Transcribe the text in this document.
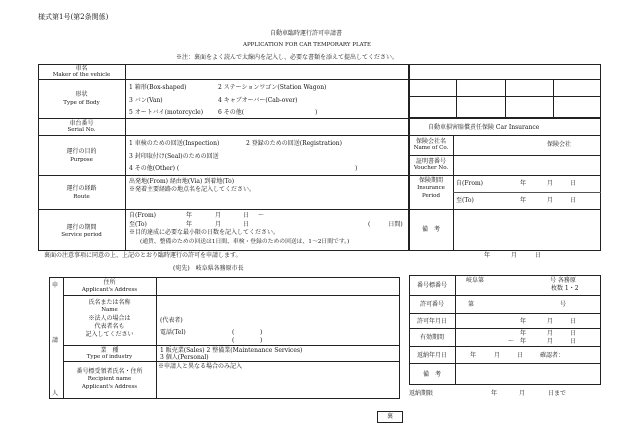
様式第1号(第2条関係)
自動車臨時運行許可申請書
APPLICATION FOR CAR TEMPORARY PLATE
※注：裏面をよく読んで太線内を記入し、必要な書類を添えて提出してください。
車名
Maker of the vehicle
形状
Type of Body
1 箱形(Box-shaped)	2 ステーションワゴン(Station Wagon)
3 バン(Van)	4 キャブオーバー(Cab-over)
5 オートバイ(motorcycle) 6 その他(	)
車台番号
Serial No.
運行の目的
Purpose
1 車検のための回送(Inspection)	2 登録のための回送(Registration)
3 封印取付け(Seal)のための回送
4 その他(Other) (	)
運行の経路
Route
出発地(From) 経由地(Via) 到着地(To)
※発着主要経路の地点名を記入してください。
運行の期間
Service period
自(From)	年	月	日 ～
至(To)	年	月	日	(　　　日間)
※目的達成に必要な最小限の日数を記入してください。
(通貨、整備のための回送は1日間、車検・登録のための回送は、1～2日間です。)
自動車損害賠償責任保険 Car Insurance
保険会社名
Name of Co.	保険会社
証明書番号
Voucher No.
保険期間
Insurance
Period
自(From)	年	月	日
至(To)	年	月	日
備　考
裏面の注意事項に同意の上、上記のとおり臨時運行の許可を申請します。	年	月	日
(宛先)　岐阜県各務原市長
申
請
人
住所
Applicant's Address
氏名または名称
Name
※法人の場合は
代表者名も
記入してください
(代表者)
電話(Tel)	(	)
(	)
業　種
Type of industry
1 販売業(Sales) 2 整備業(Maintenance Services)
3 個人(Personal)
番号標受領者氏名・住所
Recipient name
Applicant's Address
※申請人と異なる場合のみ記入
番号標番号
岐阜第	号 各務原
枚数 1・2
許可番号	第	号
許可年月日	年	月	日
有効期間
年	月	日
～ 年	月	日
返納年月日	年	月	日	確認者：
備　考
返納期限	年	月	日まで
裏
